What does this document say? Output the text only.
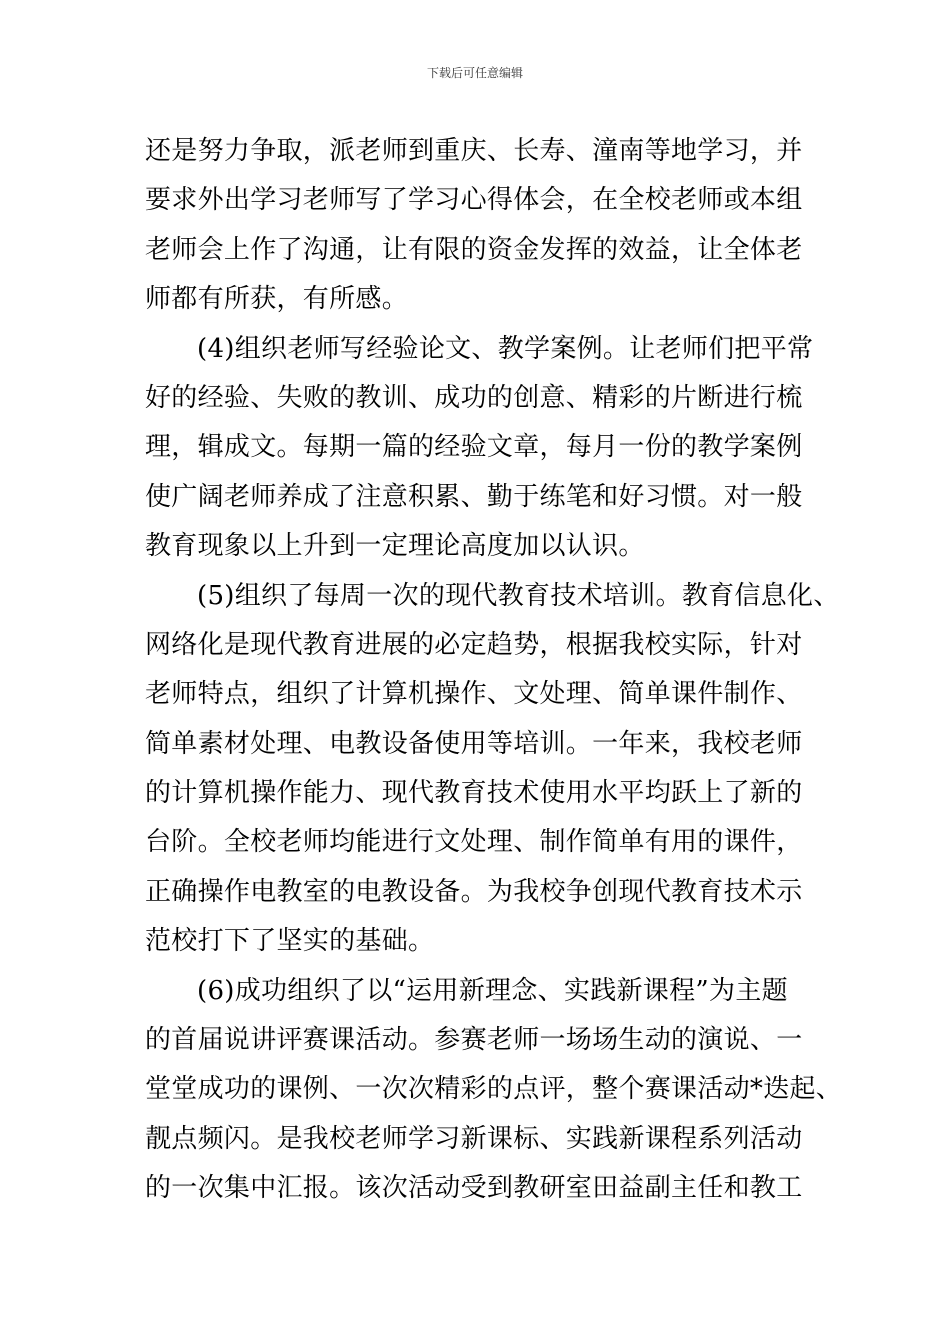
下载后可任意编辑
还是努力争取，派老师到重庆、长寿、潼南等地学习，并
要求外出学习老师写了学习心得体会，在全校老师或本组
老师会上作了沟通，让有限的资金发挥的效益，让全体老
师都有所获，有所感。
(4)组织老师写经验论文、教学案例。让老师们把平常
好的经验、失败的教训、成功的创意、精彩的片断进行梳
理，辑成文。每期一篇的经验文章，每月一份的教学案例
使广阔老师养成了注意积累、勤于练笔和好习惯。对一般
教育现象以上升到一定理论高度加以认识。
(5)组织了每周一次的现代教育技术培训。教育信息化、
网络化是现代教育进展的必定趋势，根据我校实际，针对
老师特点，组织了计算机操作、文处理、简单课件制作、
简单素材处理、电教设备使用等培训。一年来，我校老师
的计算机操作能力、现代教育技术使用水平均跃上了新的
台阶。全校老师均能进行文处理、制作简单有用的课件，
正确操作电教室的电教设备。为我校争创现代教育技术示
范校打下了坚实的基础。
(6)成功组织了以“运用新理念、实践新课程”为主题
的首届说讲评赛课活动。参赛老师一场场生动的演说、一
堂堂成功的课例、一次次精彩的点评，整个赛课活动*迭起、
靓点频闪。是我校老师学习新课标、实践新课程系列活动
的一次集中汇报。该次活动受到教研室田益副主任和教工
